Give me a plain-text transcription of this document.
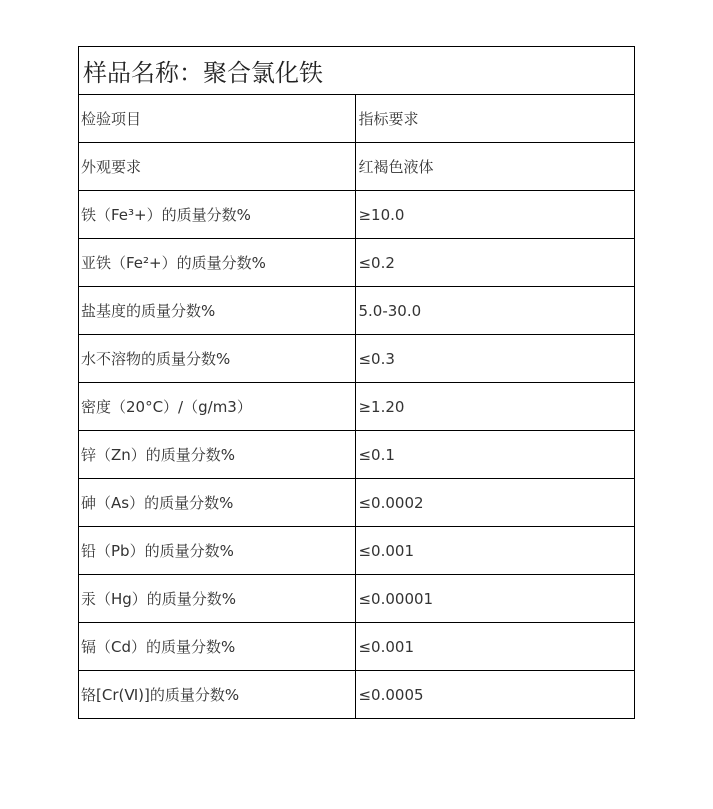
样品名称：聚合氯化铁	
检验项目	指标要求
外观要求	红褐色液体
铁（Fe³+）的质量分数%	≥10.0
亚铁（Fe²+）的质量分数%	≤0.2
盐基度的质量分数%	5.0-30.0
水不溶物的质量分数%	≤0.3
密度（20°C）/（g/m3）	≥1.20
锌（Zn）的质量分数%	≤0.1
砷（As）的质量分数%	≤0.0002
铅（Pb）的质量分数%	≤0.001
汞（Hg）的质量分数%	≤0.00001
镉（Cd）的质量分数%	≤0.001
铬[Cr(Ⅵ)]的质量分数%	≤0.0005
